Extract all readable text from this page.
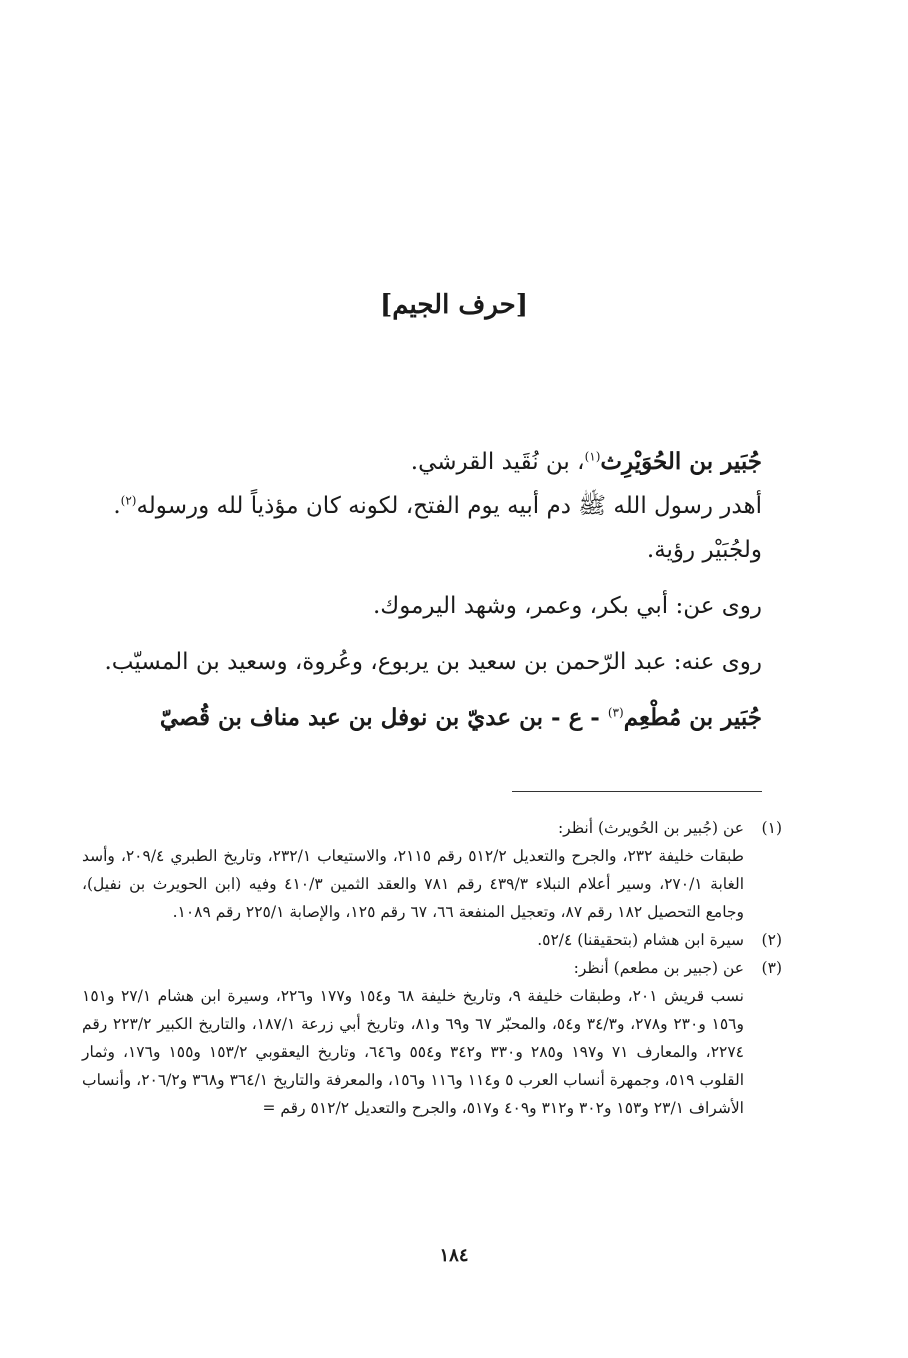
[حرف الجيم]

جُبَير بن الحُوَيْرِث$^{(١)}$، بن نُقَيد القرشي.

أهدر رسول الله ﷺ دم أبيه يوم الفتح، لكونه كان مؤذياً لله ورسوله$^{(٢)}$.

ولجُبَيْر رؤية.

روى عن: أبي بكر، وعمر، وشهد اليرموك.

روى عنه: عبد الرّحمن بن سعيد بن يربوع، وعُروة، وسعيد بن المسيّب.

جُبَير بن مُطْعِم$^{(٣)}$ - ع - بن عديّ بن نوفل بن عبد مناف بن قُصيّ

(١)
عن (جُبير بن الحُويرث) أنظر:
طبقات خليفة ٢٣٢، والجرح والتعديل ٥١٢/٢ رقم ٢١١٥، والاستيعاب ٢٣٢/١، وتاريخ الطبري ٢٠٩/٤، وأسد الغابة ٢٧٠/١، وسير أعلام النبلاء ٤٣٩/٣ رقم ٧٨١ والعقد الثمين ٤١٠/٣ وفيه (ابن الحويرث بن نفيل)، وجامع التحصيل ١٨٢ رقم ٨٧، وتعجيل المنفعة ٦٦، ٦٧ رقم ١٢٥، والإصابة ٢٢٥/١ رقم ١٠٨٩.
(٢)
سيرة ابن هشام (بتحقيقنا) ٥٢/٤.
(٣)
عن (جبير بن مطعم) أنظر:
نسب قريش ٢٠١، وطبقات خليفة ٩، وتاريخ خليفة ٦٨ و١٥٤ و١٧٧ و٢٢٦، وسيرة ابن هشام ٢٧/١ و١٥١ و١٥٦ و٢٣٠ و٢٧٨، و٣٤/٣ و٥٤، والمحبّر ٦٧ و٦٩ و٨١، وتاريخ أبي زرعة ١٨٧/١، والتاريخ الكبير ٢٢٣/٢ رقم ٢٢٧٤، والمعارف ٧١ و١٩٧ و٢٨٥ و٣٣٠ و٣٤٢ و٥٥٤ و٦٤٦، وتاريخ اليعقوبي ١٥٣/٢ و١٥٥ و١٧٦، وثمار القلوب ٥١٩، وجمهرة أنساب العرب ٥ و١١٤ و١١٦ و١٥٦، والمعرفة والتاريخ ٣٦٤/١ و٣٦٨ و٢٠٦/٢، وأنساب الأشراف ٢٣/١ و١٥٣ و٣٠٢ و٣١٢ و٤٠٩ و٥١٧، والجرح والتعديل ٥١٢/٢ رقم =
١٨٤
